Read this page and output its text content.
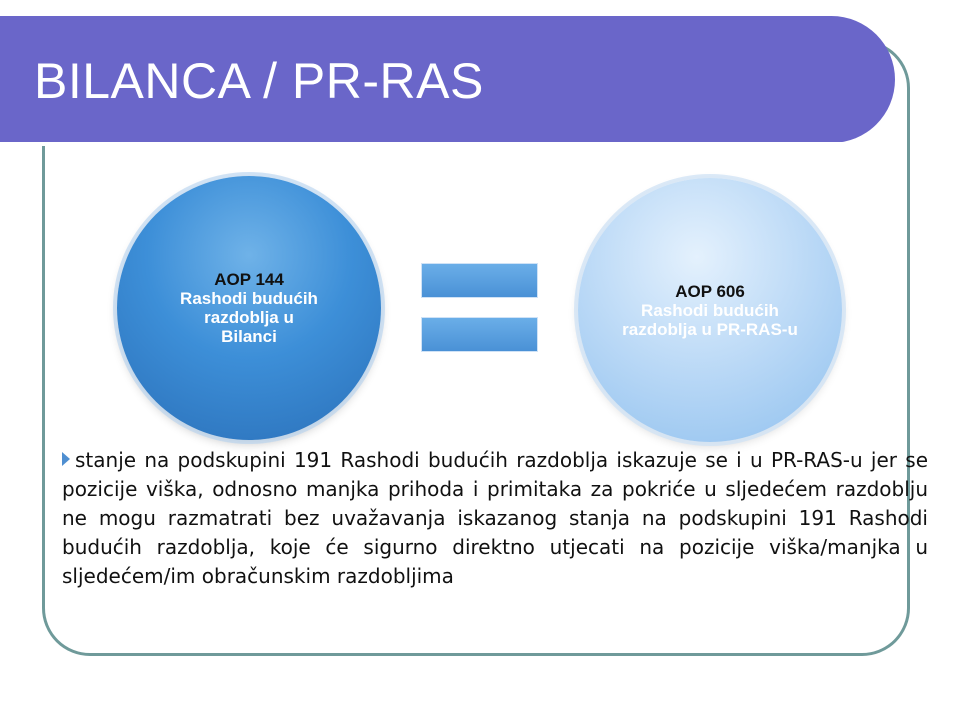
BILANCA / PR-RAS
AOP 144
Rashodi budućih razdoblja u Bilanci
AOP 606
Rashodi budućih razdoblja u PR-RAS-u
stanje na podskupini 191 Rashodi budućih razdoblja iskazuje se i u PR-RAS-u jer se pozicije viška, odnosno manjka prihoda i primitaka za pokriće u sljedećem razdoblju ne mogu razmatrati bez uvažavanja iskazanog stanja na podskupini 191 Rashodi budućih razdoblja, koje će sigurno direktno utjecati na pozicije viška/manjka u sljedećem/im obračunskim razdobljima
